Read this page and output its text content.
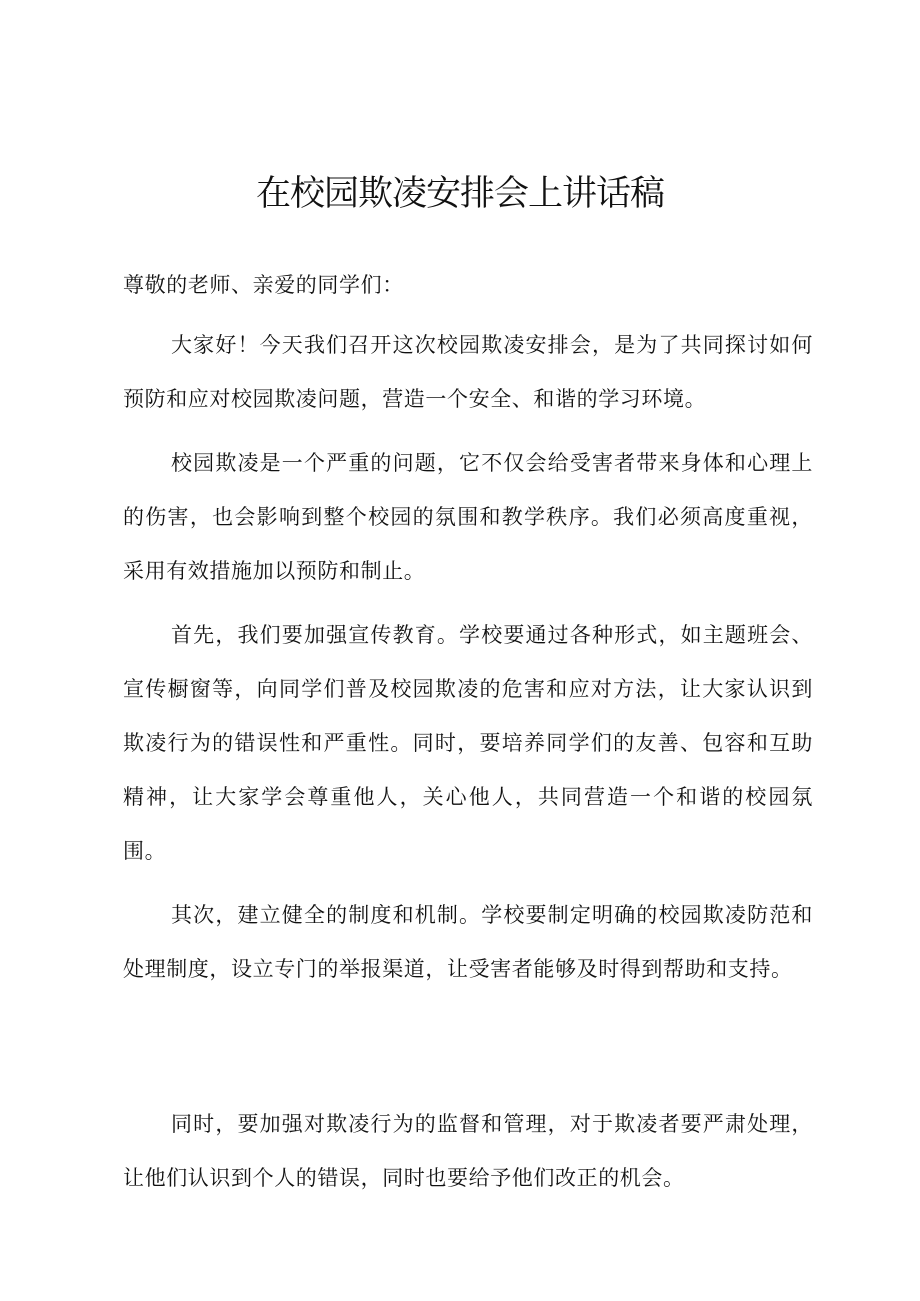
在校园欺凌安排会上讲话稿
尊敬的老师、亲爱的同学们：

大家好！今天我们召开这次校园欺凌安排会，是为了共同探讨如何预防和应对校园欺凌问题，营造一个安全、和谐的学习环境。

校园欺凌是一个严重的问题，它不仅会给受害者带来身体和心理上的伤害，也会影响到整个校园的氛围和教学秩序。我们必须高度重视，采用有效措施加以预防和制止。

首先，我们要加强宣传教育。学校要通过各种形式，如主题班会、宣传橱窗等，向同学们普及校园欺凌的危害和应对方法，让大家认识到欺凌行为的错误性和严重性。同时，要培养同学们的友善、包容和互助精神，让大家学会尊重他人，关心他人，共同营造一个和谐的校园氛围。

其次，建立健全的制度和机制。学校要制定明确的校园欺凌防范和处理制度，设立专门的举报渠道，让受害者能够及时得到帮助和支持。

同时，要加强对欺凌行为的监督和管理，对于欺凌者要严肃处理，让他们认识到个人的错误，同时也要给予他们改正的机会。
